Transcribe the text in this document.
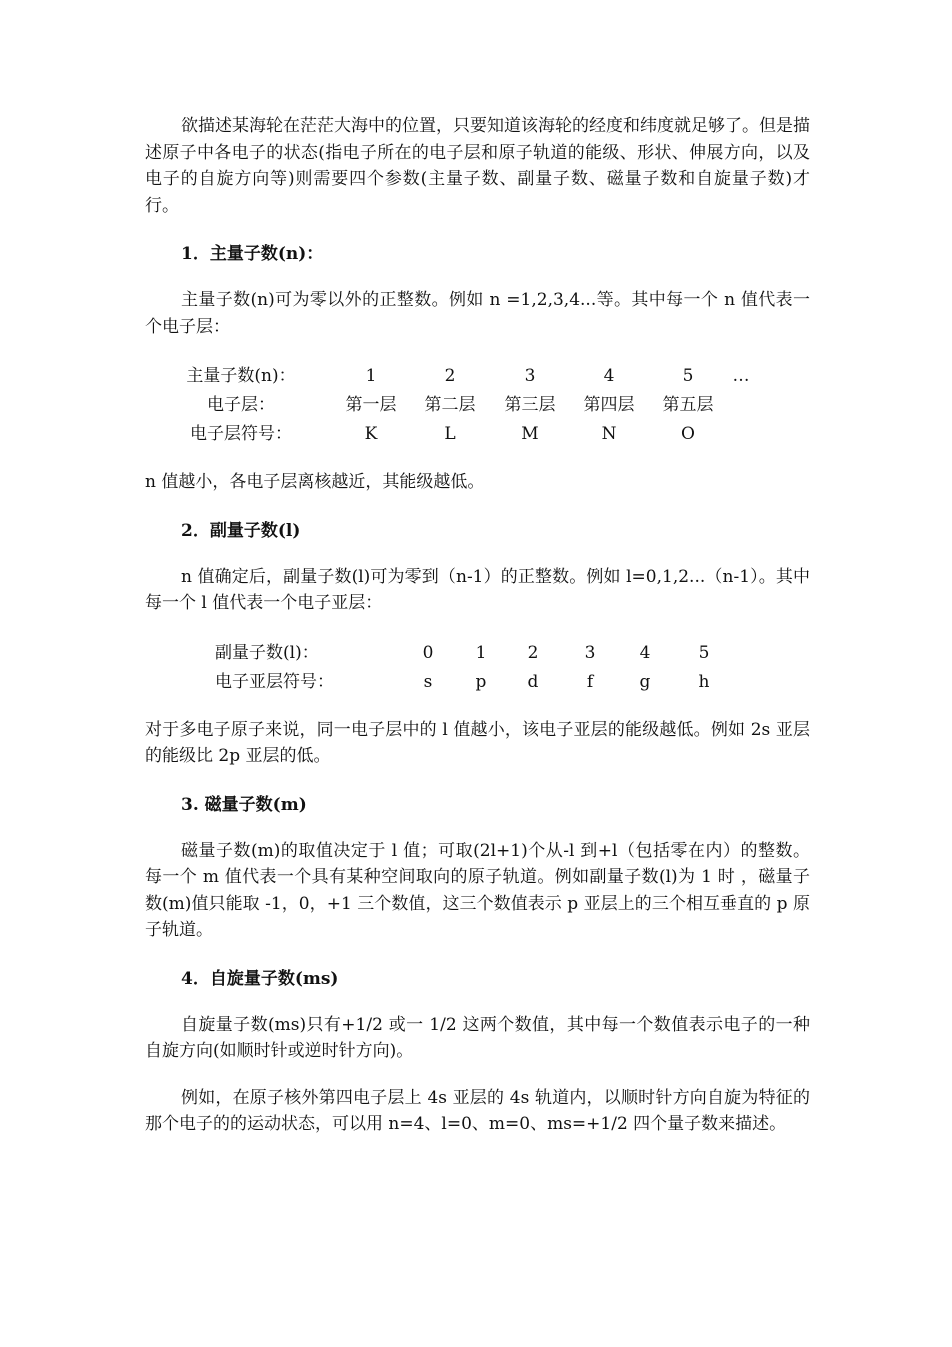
欲描述某海轮在茫茫大海中的位置，只要知道该海轮的经度和纬度就足够了。但是描述原子中各电子的状态(指电子所在的电子层和原子轨道的能级、形状、伸展方向，以及电子的自旋方向等)则需要四个参数(主量子数、副量子数、磁量子数和自旋量子数)才行。

1．主量子数(n)：

主量子数(n)可为零以外的正整数。例如 n =1,2,3,4...等。其中每一个 n 值代表一个电子层：

主量子数(n)：	1	2	3	4	5	…
电子层：	第一层	第二层	第三层	第四层	第五层
电子层符号：	K	L	M	N	O

n 值越小，各电子层离核越近，其能级越低。

2．副量子数(l)

n 值确定后，副量子数(l)可为零到（n-1）的正整数。例如 l=0,1,2...（n-1）。其中每一个 l 值代表一个电子亚层：

副量子数(l)：	0	1	2	3	4	5
电子亚层符号：	s	p	d	f	g	h

对于多电子原子来说，同一电子层中的 l 值越小，该电子亚层的能级越低。例如 2s 亚层的能级比 2p 亚层的低。

3. 磁量子数(m)

磁量子数(m)的取值决定于 l 值；可取(2l+1)个从-l 到+l（包括零在内）的整数。每一个 m 值代表一个具有某种空间取向的原子轨道。例如副量子数(l)为 1 时 ，磁量子数(m)值只能取 -1，0，+1 三个数值，这三个数值表示 p 亚层上的三个相互垂直的 p 原子轨道。

4．自旋量子数(ms)

自旋量子数(ms)只有+1/2 或一 1/2 这两个数值，其中每一个数值表示电子的一种自旋方向(如顺时针或逆时针方向)。

例如，在原子核外第四电子层上 4s 亚层的 4s 轨道内，以顺时针方向自旋为特征的那个电子的的运动状态，可以用 n=4、l=0、m=0、ms=+1/2 四个量子数来描述。
